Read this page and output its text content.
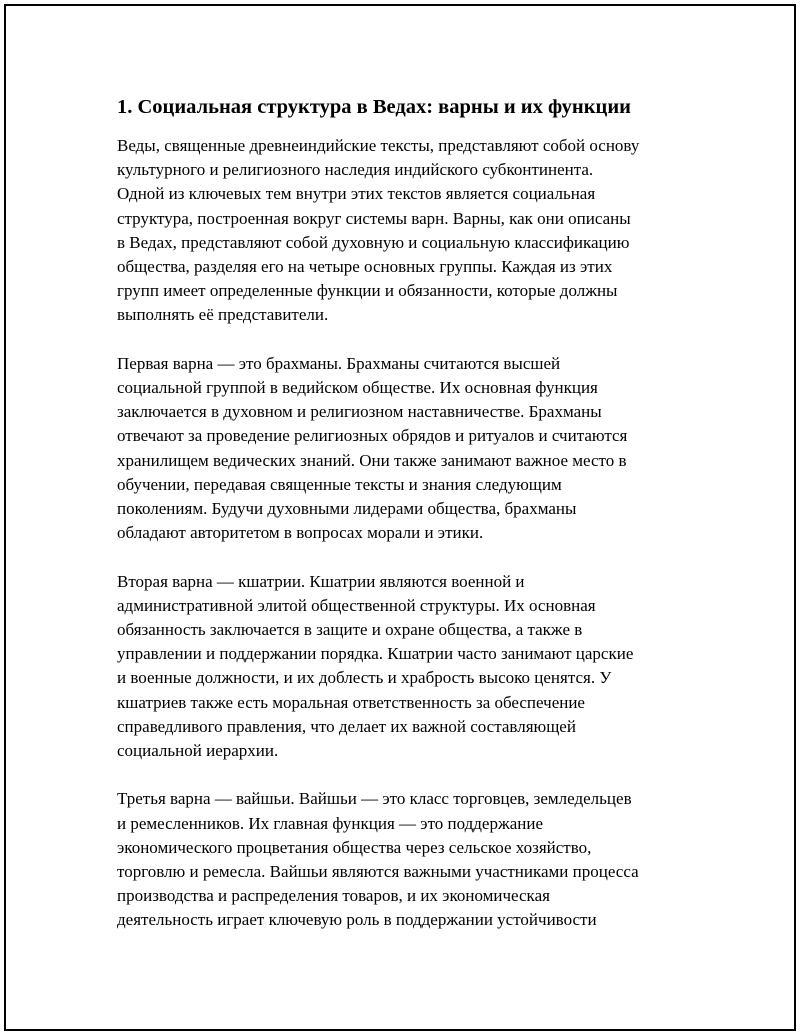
1. Социальная структура в Ведах: варны и их функции
Веды, священные древнеиндийские тексты, представляют собой основу
культурного и религиозного наследия индийского субконтинента.
Одной из ключевых тем внутри этих текстов является социальная
структура, построенная вокруг системы варн. Варны, как они описаны
в Ведах, представляют собой духовную и социальную классификацию
общества, разделяя его на четыре основных группы. Каждая из этих
групп имеет определенные функции и обязанности, которые должны
выполнять её представители.
Первая варна — это брахманы. Брахманы считаются высшей
социальной группой в ведийском обществе. Их основная функция
заключается в духовном и религиозном наставничестве. Брахманы
отвечают за проведение религиозных обрядов и ритуалов и считаются
хранилищем ведических знаний. Они также занимают важное место в
обучении, передавая священные тексты и знания следующим
поколениям. Будучи духовными лидерами общества, брахманы
обладают авторитетом в вопросах морали и этики.
Вторая варна — кшатрии. Кшатрии являются военной и
административной элитой общественной структуры. Их основная
обязанность заключается в защите и охране общества, а также в
управлении и поддержании порядка. Кшатрии часто занимают царские
и военные должности, и их доблесть и храбрость высоко ценятся. У
кшатриев также есть моральная ответственность за обеспечение
справедливого правления, что делает их важной составляющей
социальной иерархии.
Третья варна — вайшьи. Вайшьи — это класс торговцев, земледельцев
и ремесленников. Их главная функция — это поддержание
экономического процветания общества через сельское хозяйство,
торговлю и ремесла. Вайшьи являются важными участниками процесса
производства и распределения товаров, и их экономическая
деятельность играет ключевую роль в поддержании устойчивости
